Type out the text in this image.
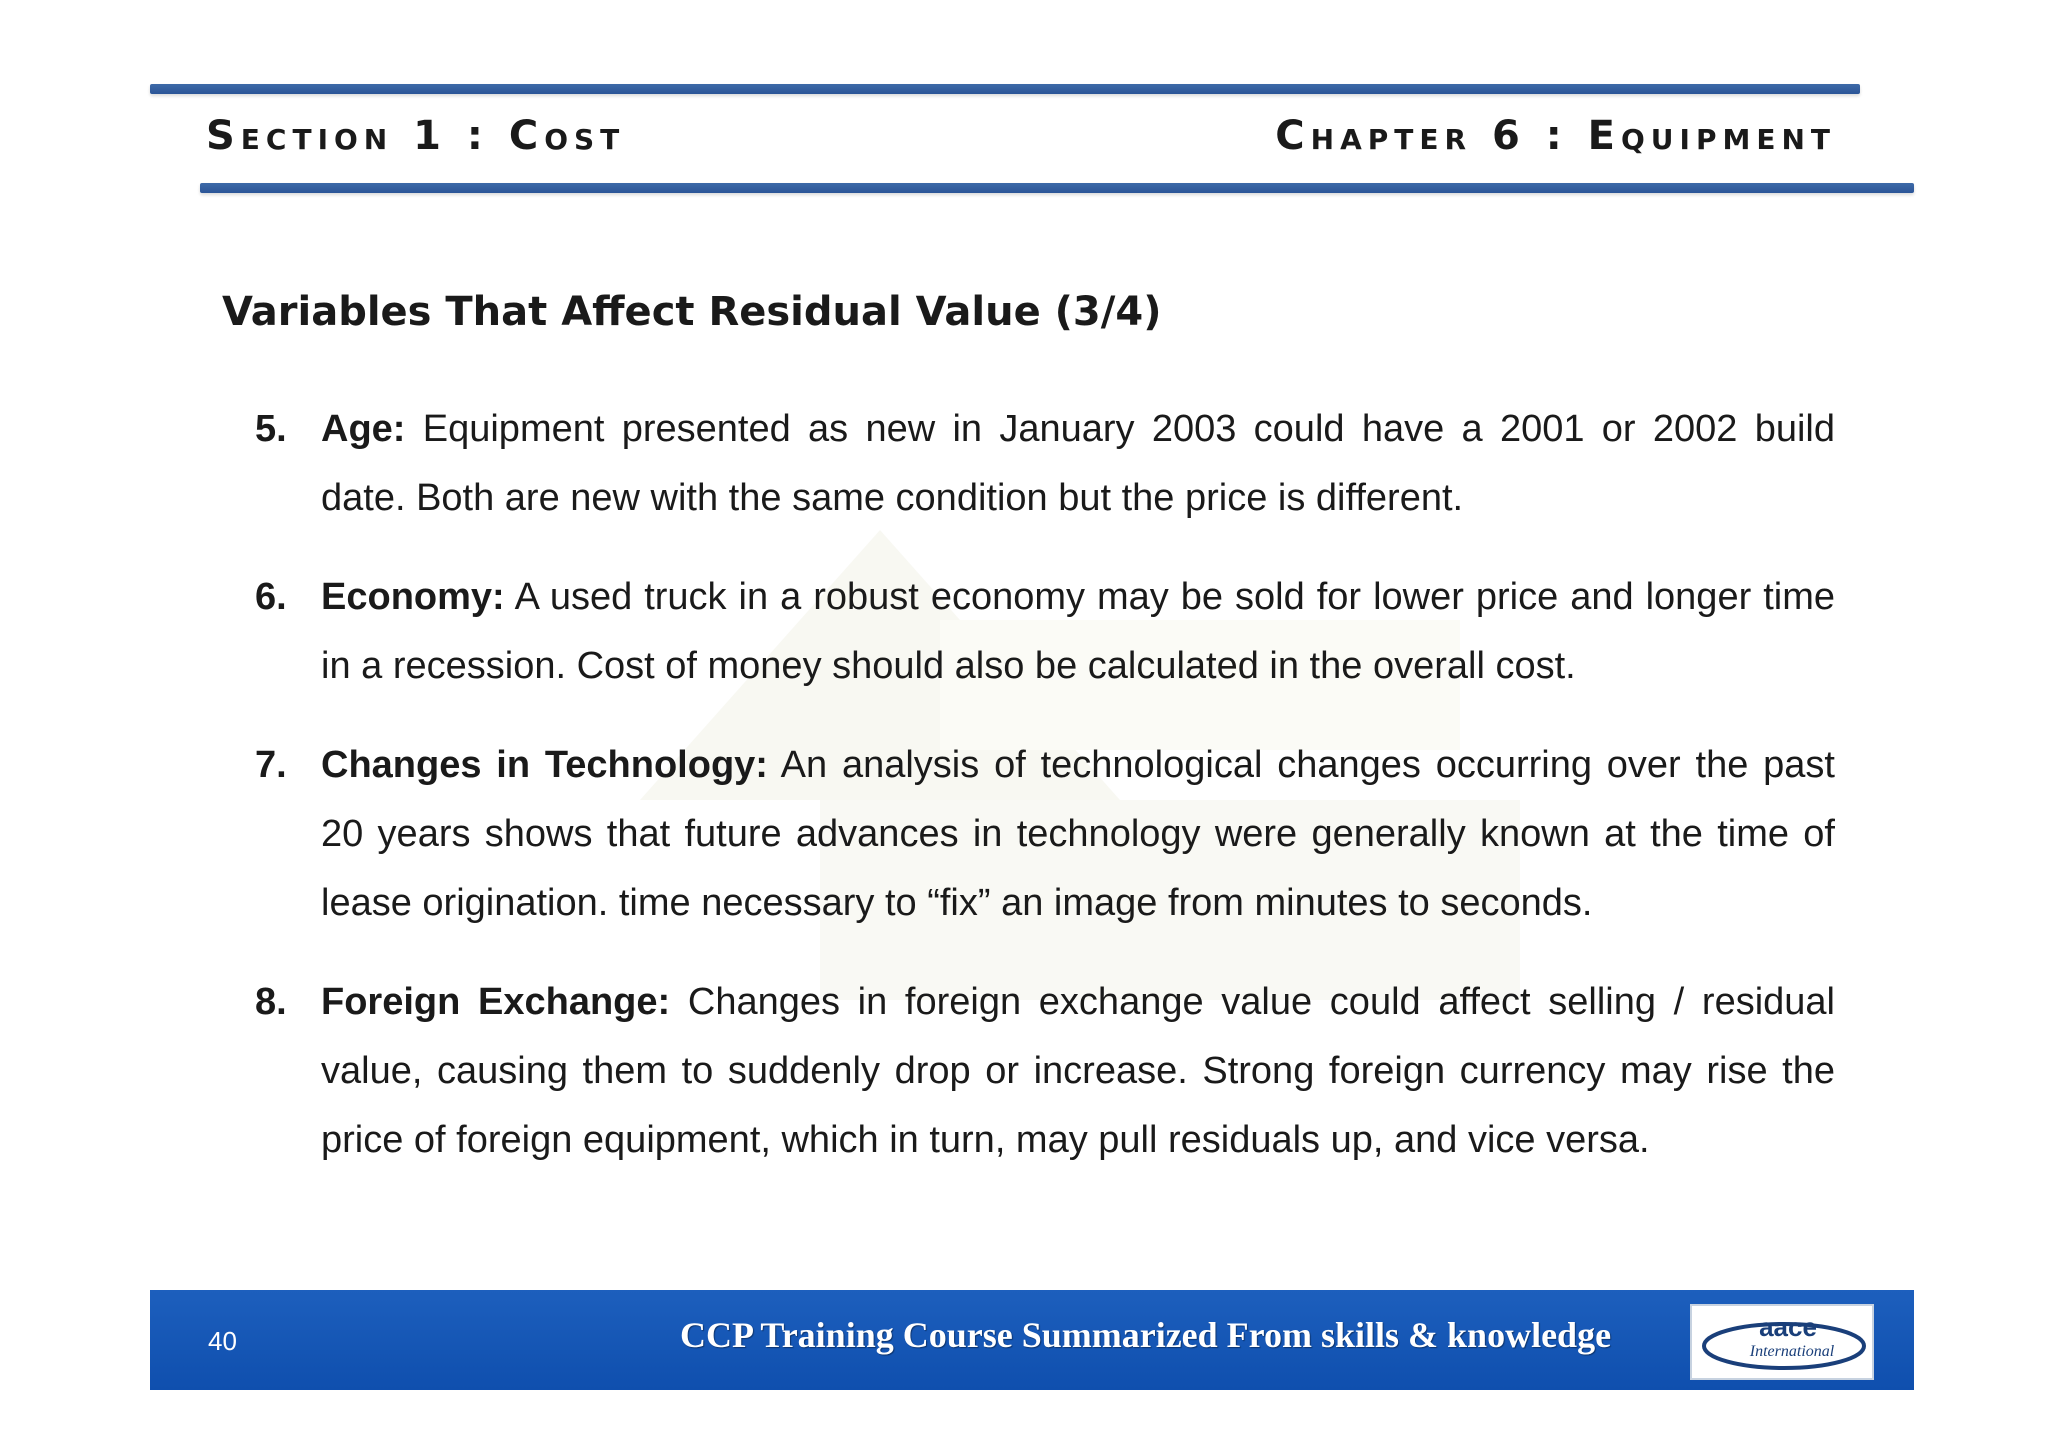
Section 1 : Cost	Chapter 6 : Equipment
Variables That Affect Residual Value (3/4)
5. Age: Equipment presented as new in January 2003 could have a 2001 or 2002 build date. Both are new with the same condition but the price is different.
6. Economy: A used truck in a robust economy may be sold for lower price and longer time in a recession. Cost of money should also be calculated in the overall cost.
7. Changes in Technology: An analysis of technological changes occurring over the past 20 years shows that future advances in technology were generally known at the time of lease origination. time necessary to “fix” an image from minutes to seconds.
8. Foreign Exchange: Changes in foreign exchange value could affect selling / residual value, causing them to suddenly drop or increase. Strong foreign currency may rise the price of foreign equipment, which in turn, may pull residuals up, and vice versa.
40	CCP Training Course Summarized From skills & knowledge	aace
International
